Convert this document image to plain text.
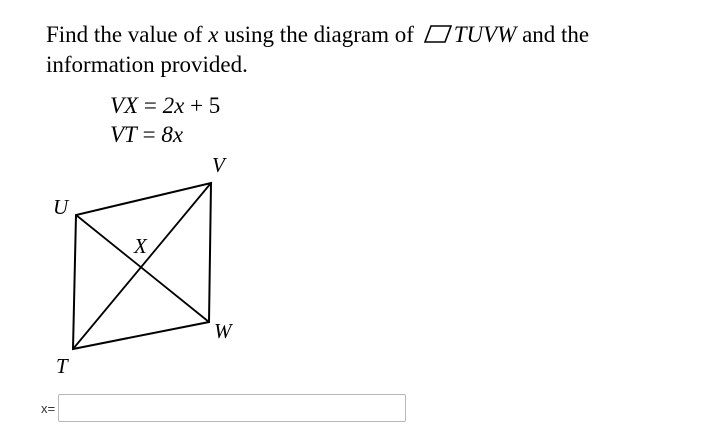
Find the value of x using the diagram of TUVW and the information provided.

VX = 2x + 5
VT = 8x
U
V
W
T
X
x=
